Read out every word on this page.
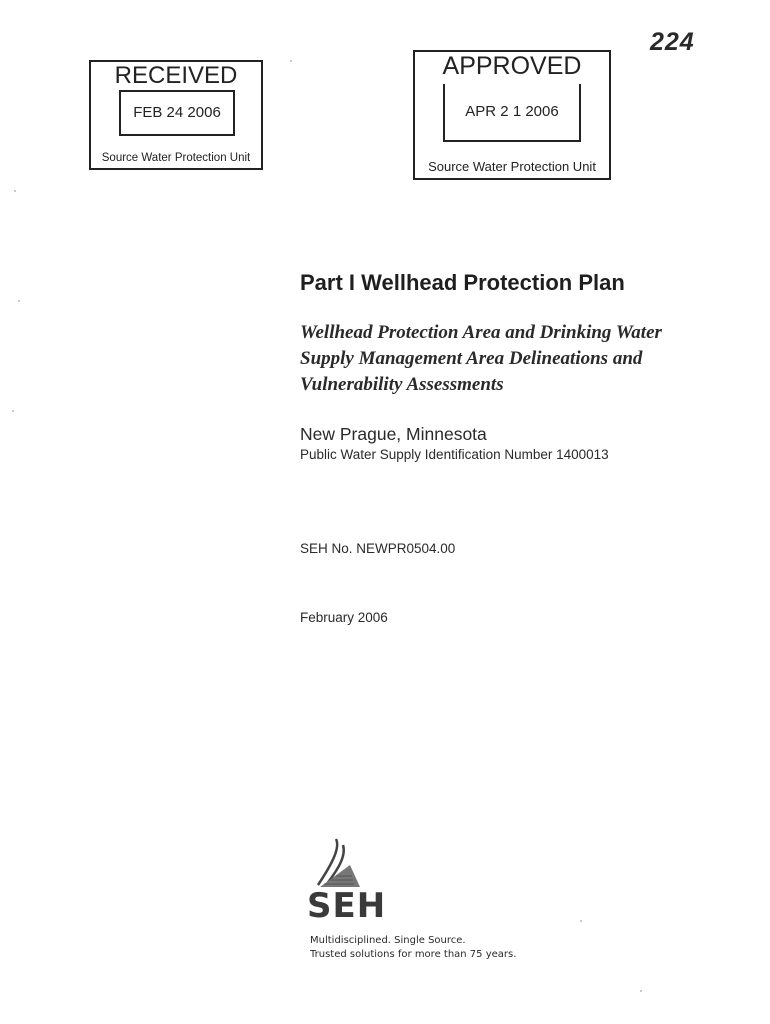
224
RECEIVED
FEB 24 2006
Source Water Protection Unit
APPROVED
APR 2 1 2006
Source Water Protection Unit
Part I Wellhead Protection Plan
Wellhead Protection Area and Drinking Water Supply Management Area Delineations and Vulnerability Assessments
New Prague, Minnesota
Public Water Supply Identification Number 1400013
SEH No. NEWPR0504.00
February 2006
SEH
Multidisciplined. Single Source.
Trusted solutions for more than 75 years.
